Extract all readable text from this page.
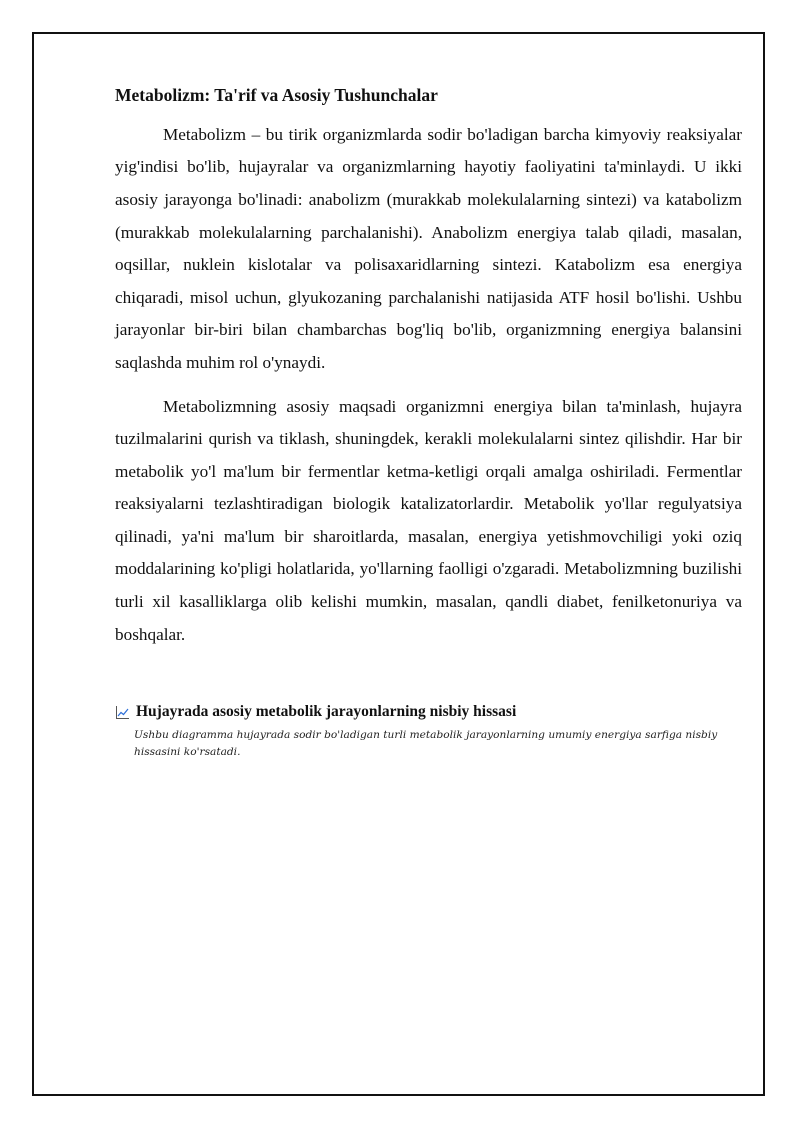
Metabolizm: Ta'rif va Asosiy Tushunchalar

Metabolizm – bu tirik organizmlarda sodir bo'ladigan barcha kimyoviy reaksiyalar yig'indisi bo'lib, hujayralar va organizmlarning hayotiy faoliyatini ta'minlaydi. U ikki asosiy jarayonga bo'linadi: anabolizm (murakkab molekulalarning sintezi) va katabolizm (murakkab molekulalarning parchalanishi). Anabolizm energiya talab qiladi, masalan, oqsillar, nuklein kislotalar va polisaxaridlarning sintezi. Katabolizm esa energiya chiqaradi, misol uchun, glyukozaning parchalanishi natijasida ATF hosil bo'lishi. Ushbu jarayonlar bir-biri bilan chambarchas bog'liq bo'lib, organizmning energiya balansini saqlashda muhim rol o'ynaydi.

Metabolizmning asosiy maqsadi organizmni energiya bilan ta'minlash, hujayra tuzilmalarini qurish va tiklash, shuningdek, kerakli molekulalarni sintez qilishdir. Har bir metabolik yo'l ma'lum bir fermentlar ketma-ketligi orqali amalga oshiriladi. Fermentlar reaksiyalarni tezlashtiradigan biologik katalizatorlardir. Metabolik yo'llar regulyatsiya qilinadi, ya'ni ma'lum bir sharoitlarda, masalan, energiya yetishmovchiligi yoki oziq moddalarining ko'pligi holatlarida, yo'llarning faolligi o'zgaradi. Metabolizmning buzilishi turli xil kasalliklarga olib kelishi mumkin, masalan, qandli diabet, fenilketonuriya va boshqalar.

Hujayrada asosiy metabolik jarayonlarning nisbiy hissasi
Ushbu diagramma hujayrada sodir bo'ladigan turli metabolik jarayonlarning umumiy energiya sarfiga nisbiy hissasini ko'rsatadi.
